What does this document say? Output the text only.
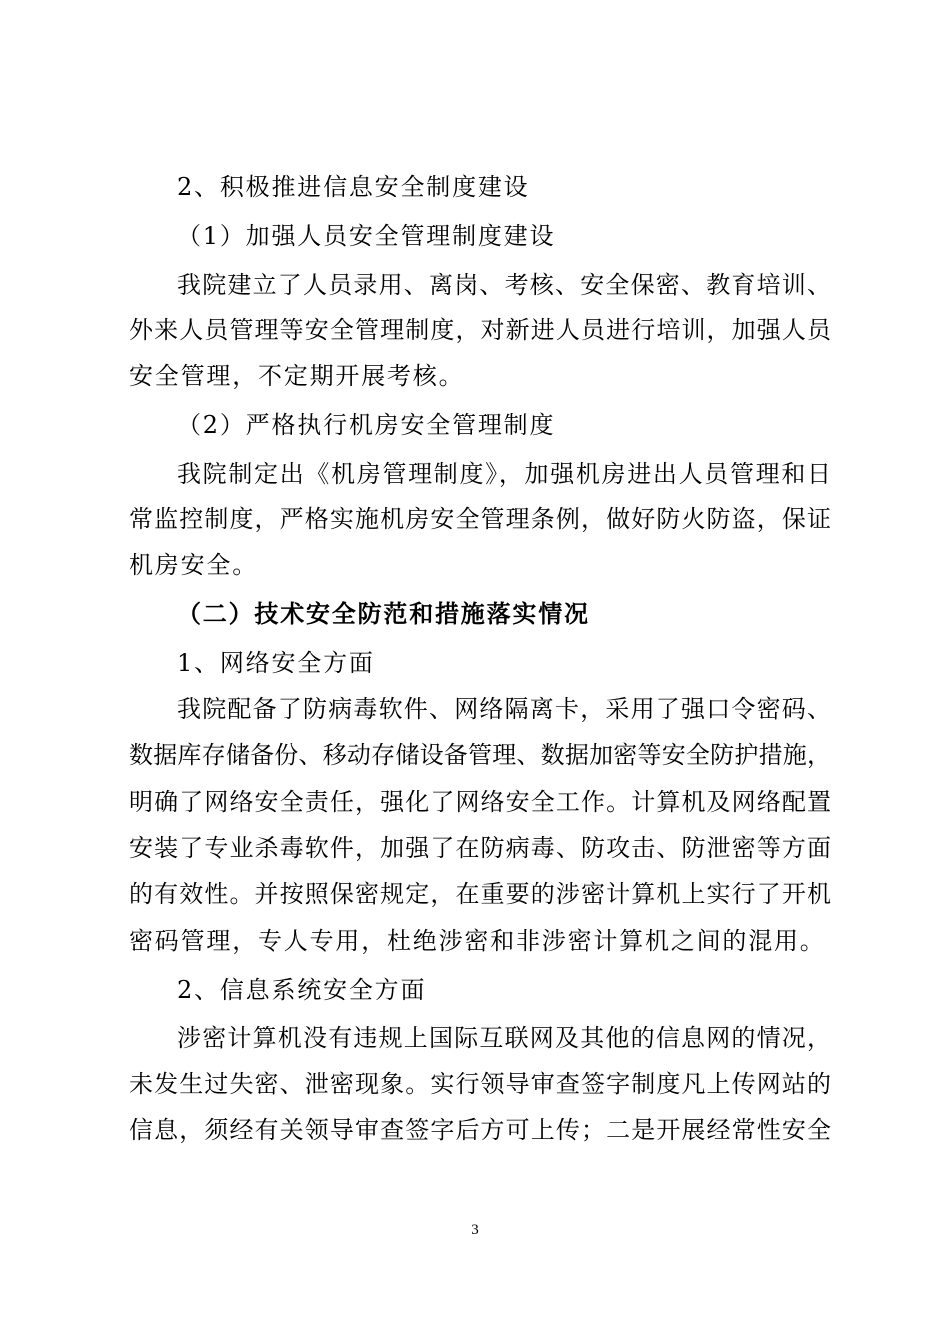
2、积极推进信息安全制度建设
（1）加强人员安全管理制度建设
我院建立了人员录用、离岗、考核、安全保密、教育培训、
外来人员管理等安全管理制度，对新进人员进行培训，加强人员
安全管理，不定期开展考核。
（2）严格执行机房安全管理制度
我院制定出《机房管理制度》，加强机房进出人员管理和日
常监控制度，严格实施机房安全管理条例，做好防火防盗，保证
机房安全。
（二）技术安全防范和措施落实情况
1、网络安全方面
我院配备了防病毒软件、网络隔离卡，采用了强口令密码、
数据库存储备份、移动存储设备管理、数据加密等安全防护措施，
明确了网络安全责任，强化了网络安全工作。计算机及网络配置
安装了专业杀毒软件，加强了在防病毒、防攻击、防泄密等方面
的有效性。并按照保密规定，在重要的涉密计算机上实行了开机
密码管理，专人专用，杜绝涉密和非涉密计算机之间的混用。
2、信息系统安全方面
涉密计算机没有违规上国际互联网及其他的信息网的情况，
未发生过失密、泄密现象。实行领导审查签字制度凡上传网站的
信息，须经有关领导审查签字后方可上传；二是开展经常性安全
3
